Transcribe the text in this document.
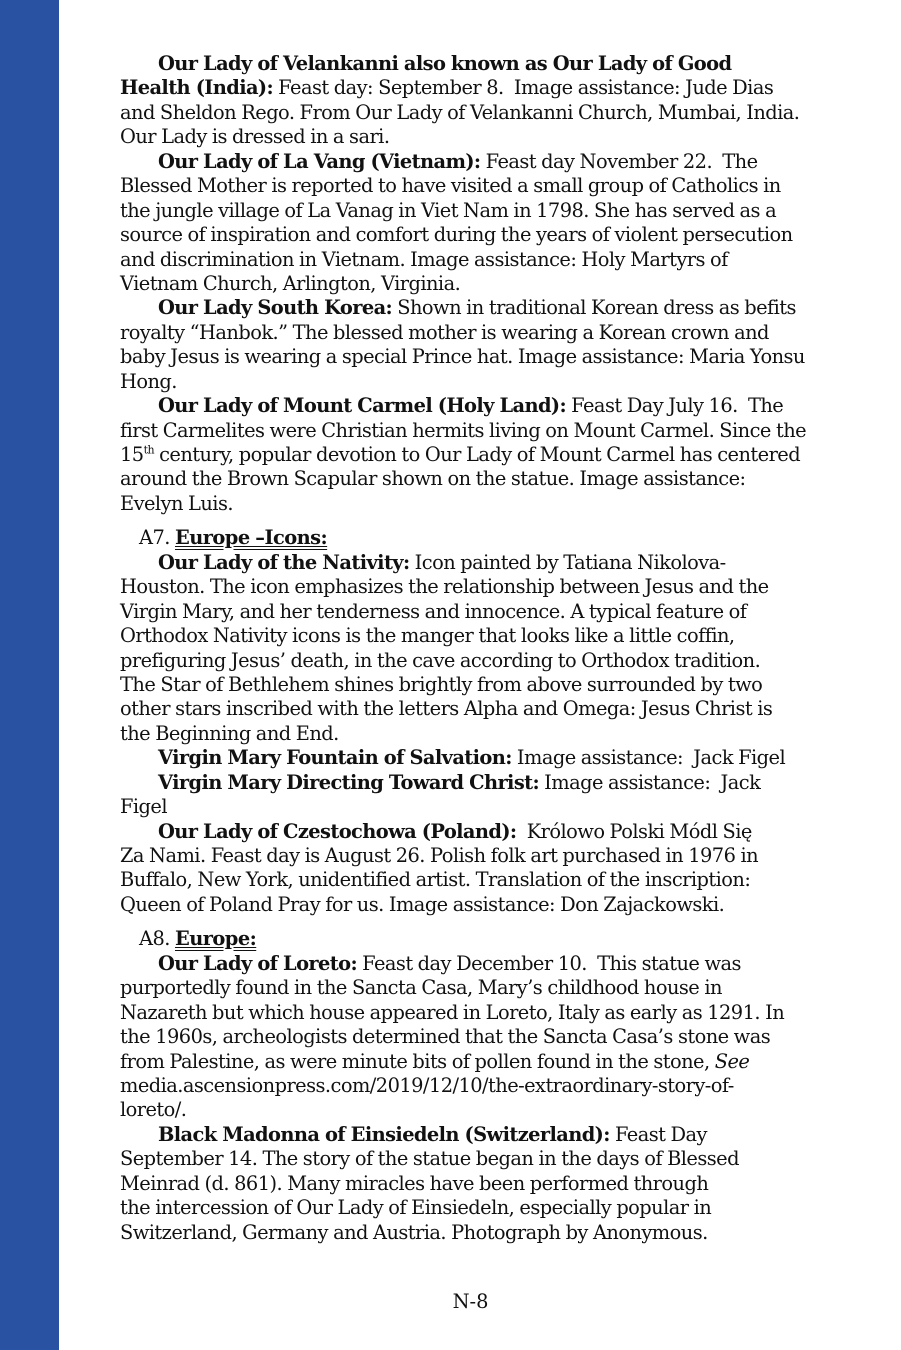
Our Lady of Velankanni also known as Our Lady of Good
Health (India): Feast day: September 8.  Image assistance: Jude Dias
and Sheldon Rego. From Our Lady of Velankanni Church, Mumbai, India.
Our Lady is dressed in a sari.
Our Lady of La Vang (Vietnam): Feast day November 22.  The
Blessed Mother is reported to have visited a small group of Catholics in
the jungle village of La Vanag in Viet Nam in 1798. She has served as a
source of inspiration and comfort during the years of violent persecution
and discrimination in Vietnam. Image assistance: Holy Martyrs of
Vietnam Church, Arlington, Virginia.
Our Lady South Korea: Shown in traditional Korean dress as befits
royalty “Hanbok.” The blessed mother is wearing a Korean crown and
baby Jesus is wearing a special Prince hat. Image assistance: Maria Yonsu
Hong.
Our Lady of Mount Carmel (Holy Land): Feast Day July 16.  The
first Carmelites were Christian hermits living on Mount Carmel. Since the
15th century, popular devotion to Our Lady of Mount Carmel has centered
around the Brown Scapular shown on the statue. Image assistance:
Evelyn Luis.
A7. Europe –Icons:
Our Lady of the Nativity: Icon painted by Tatiana Nikolova-
Houston. The icon emphasizes the relationship between Jesus and the
Virgin Mary, and her tenderness and innocence. A typical feature of
Orthodox Nativity icons is the manger that looks like a little coffin,
prefiguring Jesus’ death, in the cave according to Orthodox tradition.
The Star of Bethlehem shines brightly from above surrounded by two
other stars inscribed with the letters Alpha and Omega: Jesus Christ is
the Beginning and End.
Virgin Mary Fountain of Salvation: Image assistance:  Jack Figel
Virgin Mary Directing Toward Christ: Image assistance:  Jack
Figel
Our Lady of Czestochowa (Poland):  Królowo Polski Módl Się
Za Nami. Feast day is August 26. Polish folk art purchased in 1976 in
Buffalo, New York, unidentified artist. Translation of the inscription:
Queen of Poland Pray for us. Image assistance: Don Zajackowski.
A8. Europe:
Our Lady of Loreto: Feast day December 10.  This statue was
purportedly found in the Sancta Casa, Mary’s childhood house in
Nazareth but which house appeared in Loreto, Italy as early as 1291. In
the 1960s, archeologists determined that the Sancta Casa’s stone was
from Palestine, as were minute bits of pollen found in the stone, See
media.ascensionpress.com/2019/12/10/the-extraordinary-story-of-
loreto/.
Black Madonna of Einsiedeln (Switzerland): Feast Day
September 14. The story of the statue began in the days of Blessed
Meinrad (d. 861). Many miracles have been performed through
the intercession of Our Lady of Einsiedeln, especially popular in
Switzerland, Germany and Austria. Photograph by Anonymous.
N-8
